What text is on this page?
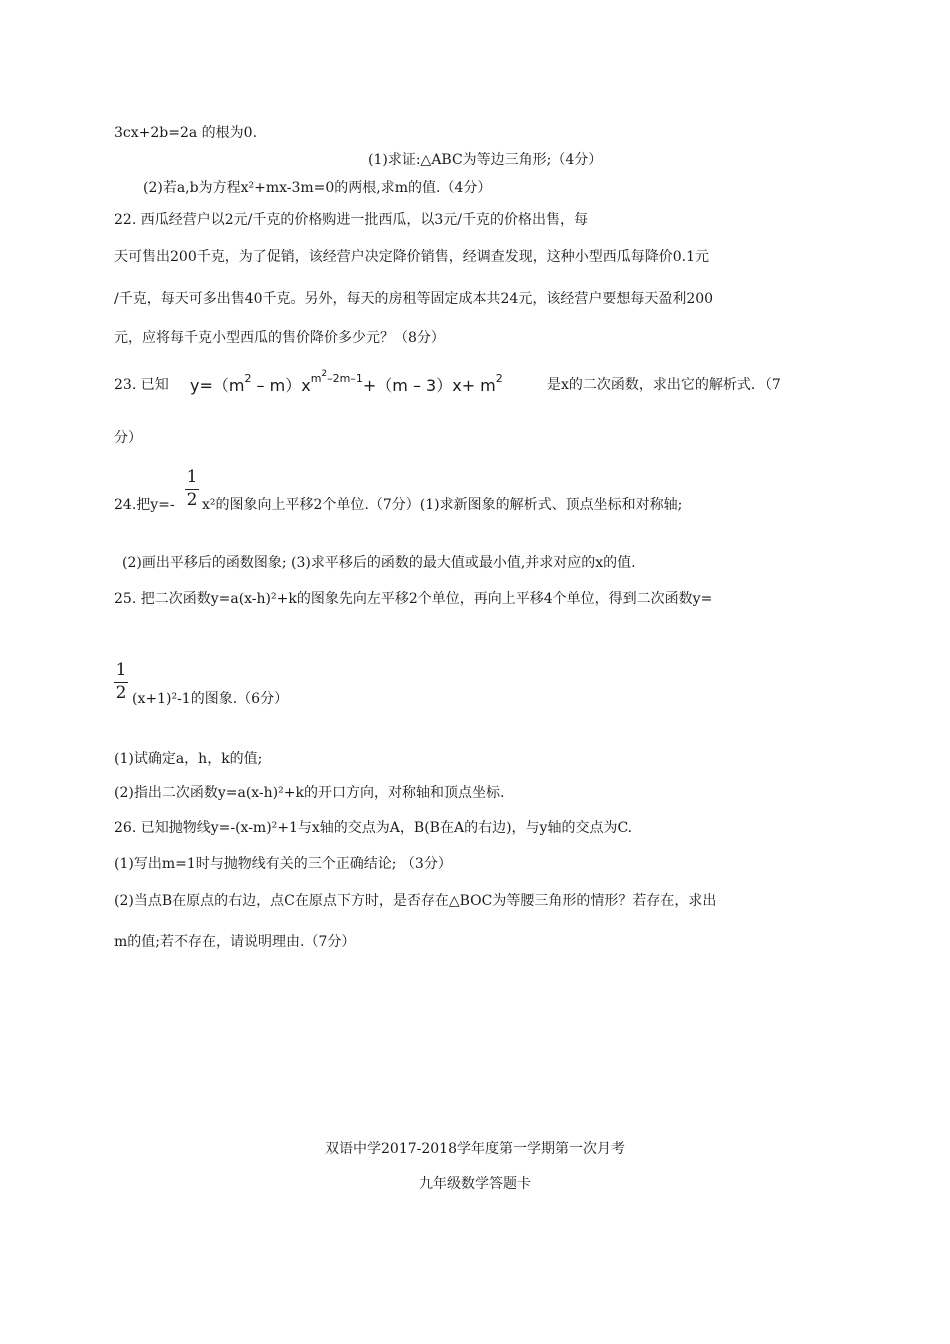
3cx+2b=2a 的根为0.
(1)求证:△ABC为等边三角形;（4分）
(2)若a,b为方程x²+mx-3m=0的两根,求m的值.（4分）
22. 西瓜经营户以2元/千克的价格购进一批西瓜，以3元/千克的价格出售，每
天可售出200千克，为了促销，该经营户决定降价销售，经调查发现，这种小型西瓜每降价0.1元
/千克，每天可多出售40千克。另外，每天的房租等固定成本共24元，该经营户要想每天盈利200
元，应将每千克小型西瓜的售价降价多少元？（8分）
23. 已知 $y=(m^2 - m)x^{m^2-2m-1}+(m - 3)x+ m^2$	是x的二次函数，求出它的解析式．（7
分）
1
2
24.把y=- x²的图象向上平移2个单位.（7分）(1)求新图象的解析式、顶点坐标和对称轴;
(2)画出平移后的函数图象; (3)求平移后的函数的最大值或最小值,并求对应的x的值.
25. 把二次函数y=a(x-h)²+k的图象先向左平移2个单位，再向上平移4个单位，得到二次函数y=
1
2 (x+1)²-1的图象.（6分）
(1)试确定a，h，k的值;
(2)指出二次函数y=a(x-h)²+k的开口方向，对称轴和顶点坐标.
26. 已知抛物线y=-(x-m)²+1与x轴的交点为A，B(B在A的右边)，与y轴的交点为C.
(1)写出m=1时与抛物线有关的三个正确结论; （3分）
(2)当点B在原点的右边，点C在原点下方时，是否存在△BOC为等腰三角形的情形？若存在，求出
m的值;若不存在，请说明理由.（7分）
双语中学2017-2018学年度第一学期第一次月考
九年级数学答题卡
